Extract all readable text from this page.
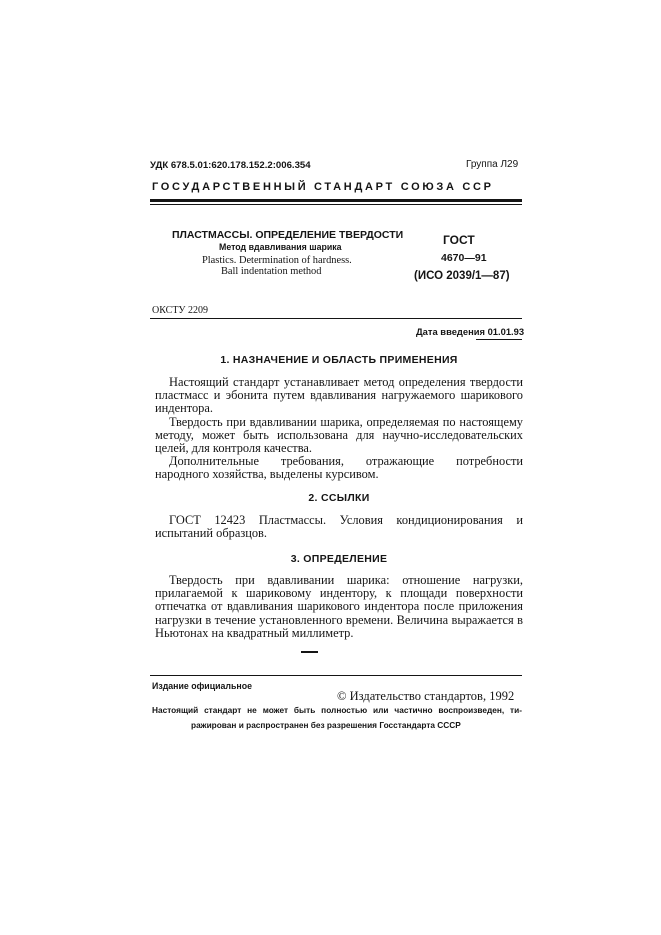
УДК 678.5.01:620.178.152.2:006.354	Группа Л29
ГОСУДАРСТВЕННЫЙ СТАНДАРТ СОЮЗА ССР
ПЛАСТМАССЫ. ОПРЕДЕЛЕНИЕ ТВЕРДОСТИ
Метод вдавливания шарика
Plastics. Determination of hardness.
Ball indentation method
ГОСТ
4670—91
(ИСО 2039/1—87)
ОКСТУ 2209
Дата введения 01.01.93
1. НАЗНАЧЕНИЕ И ОБЛАСТЬ ПРИМЕНЕНИЯ

Настоящий стандарт устанавливает метод определения твердости пластмасс и эбонита путем вдавливания нагружаемого шарикового индентора.

Твердость при вдавливании шарика, определяемая по настоящему методу, может быть использована для научно-исследовательских целей, для контроля качества.

Дополнительные требования, отражающие потребности народного хозяйства, выделены курсивом.

2. ССЫЛКИ

ГОСТ 12423 Пластмассы. Условия кондиционирования и испытаний образцов.

3. ОПРЕДЕЛЕНИЕ

Твердость при вдавливании шарика: отношение нагрузки, прилагаемой к шариковому индентору, к площади поверхности отпечатка от вдавливания шарикового индентора после приложения нагрузки в течение установленного времени. Величина выражается в Ньютонах на квадратный миллиметр.

Издание официальное
© Издательство стандартов, 1992
Настоящий стандарт не может быть полностью или частично воспроизведен, ти-
ражирован и распространен без разрешения Госстандарта СССР
